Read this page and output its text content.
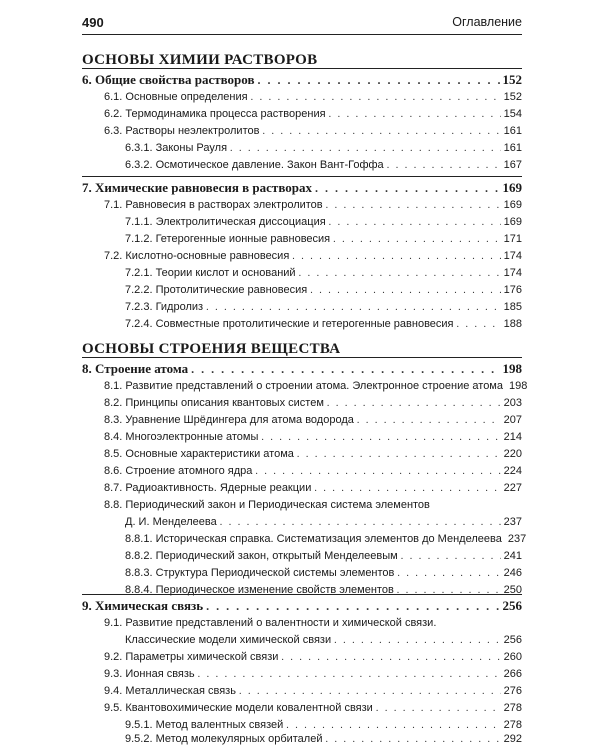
490	Оглавление
ОСНОВЫ ХИМИИ РАСТВОРОВ
6. Общие свойства растворов . . .	152
6.1. Основные определения . . .	152
6.2. Термодинамика процесса растворения . . .	154
6.3. Растворы неэлектролитов . . .	161
6.3.1. Законы Рауля . . .	161
6.3.2. Осмотическое давление. Закон Вант-Гоффа . . .	167
7. Химические равновесия в растворах . . .	169
7.1. Равновесия в растворах электролитов . . .	169
7.1.1. Электролитическая диссоциация . . .	169
7.1.2. Гетерогенные ионные равновесия . . .	171
7.2. Кислотно-основные равновесия . . .	174
7.2.1. Теории кислот и оснований . . .	174
7.2.2. Протолитические равновесия . . .	176
7.2.3. Гидролиз . . .	185
7.2.4. Совместные протолитические и гетерогенные равновесия . . .	188
ОСНОВЫ СТРОЕНИЯ ВЕЩЕСТВА
8. Строение атома . . .	198
8.1. Развитие представлений о строении атома. Электронное строение атома 198
8.2. Принципы описания квантовых систем . . .	203
8.3. Уравнение Шрёдингера для атома водорода . . .	207
8.4. Многоэлектронные атомы . . .	214
8.5. Основные характеристики атома . . .	220
8.6. Строение атомного ядра . . .	224
8.7. Радиоактивность. Ядерные реакции . . .	227
8.8. Периодический закон и Периодическая система элементов
Д. И. Менделеева . . .	237
8.8.1. Историческая справка. Систематизация элементов до Менделеева 237
8.8.2. Периодический закон, открытый Менделеевым . . .	241
8.8.3. Структура Периодической системы элементов . . .	246
8.8.4. Периодическое изменение свойств элементов . . .	250
9. Химическая связь . . .	256
9.1. Развитие представлений о валентности и химической связи.
Классические модели химической связи . . .	256
9.2. Параметры химической связи . . .	260
9.3. Ионная связь . . .	266
9.4. Металлическая связь . . .	276
9.5. Квантовохимические модели ковалентной связи . . .	278
9.5.1. Метод валентных связей . . .	278
9.5.2. Метод молекулярных орбиталей . . .	292
